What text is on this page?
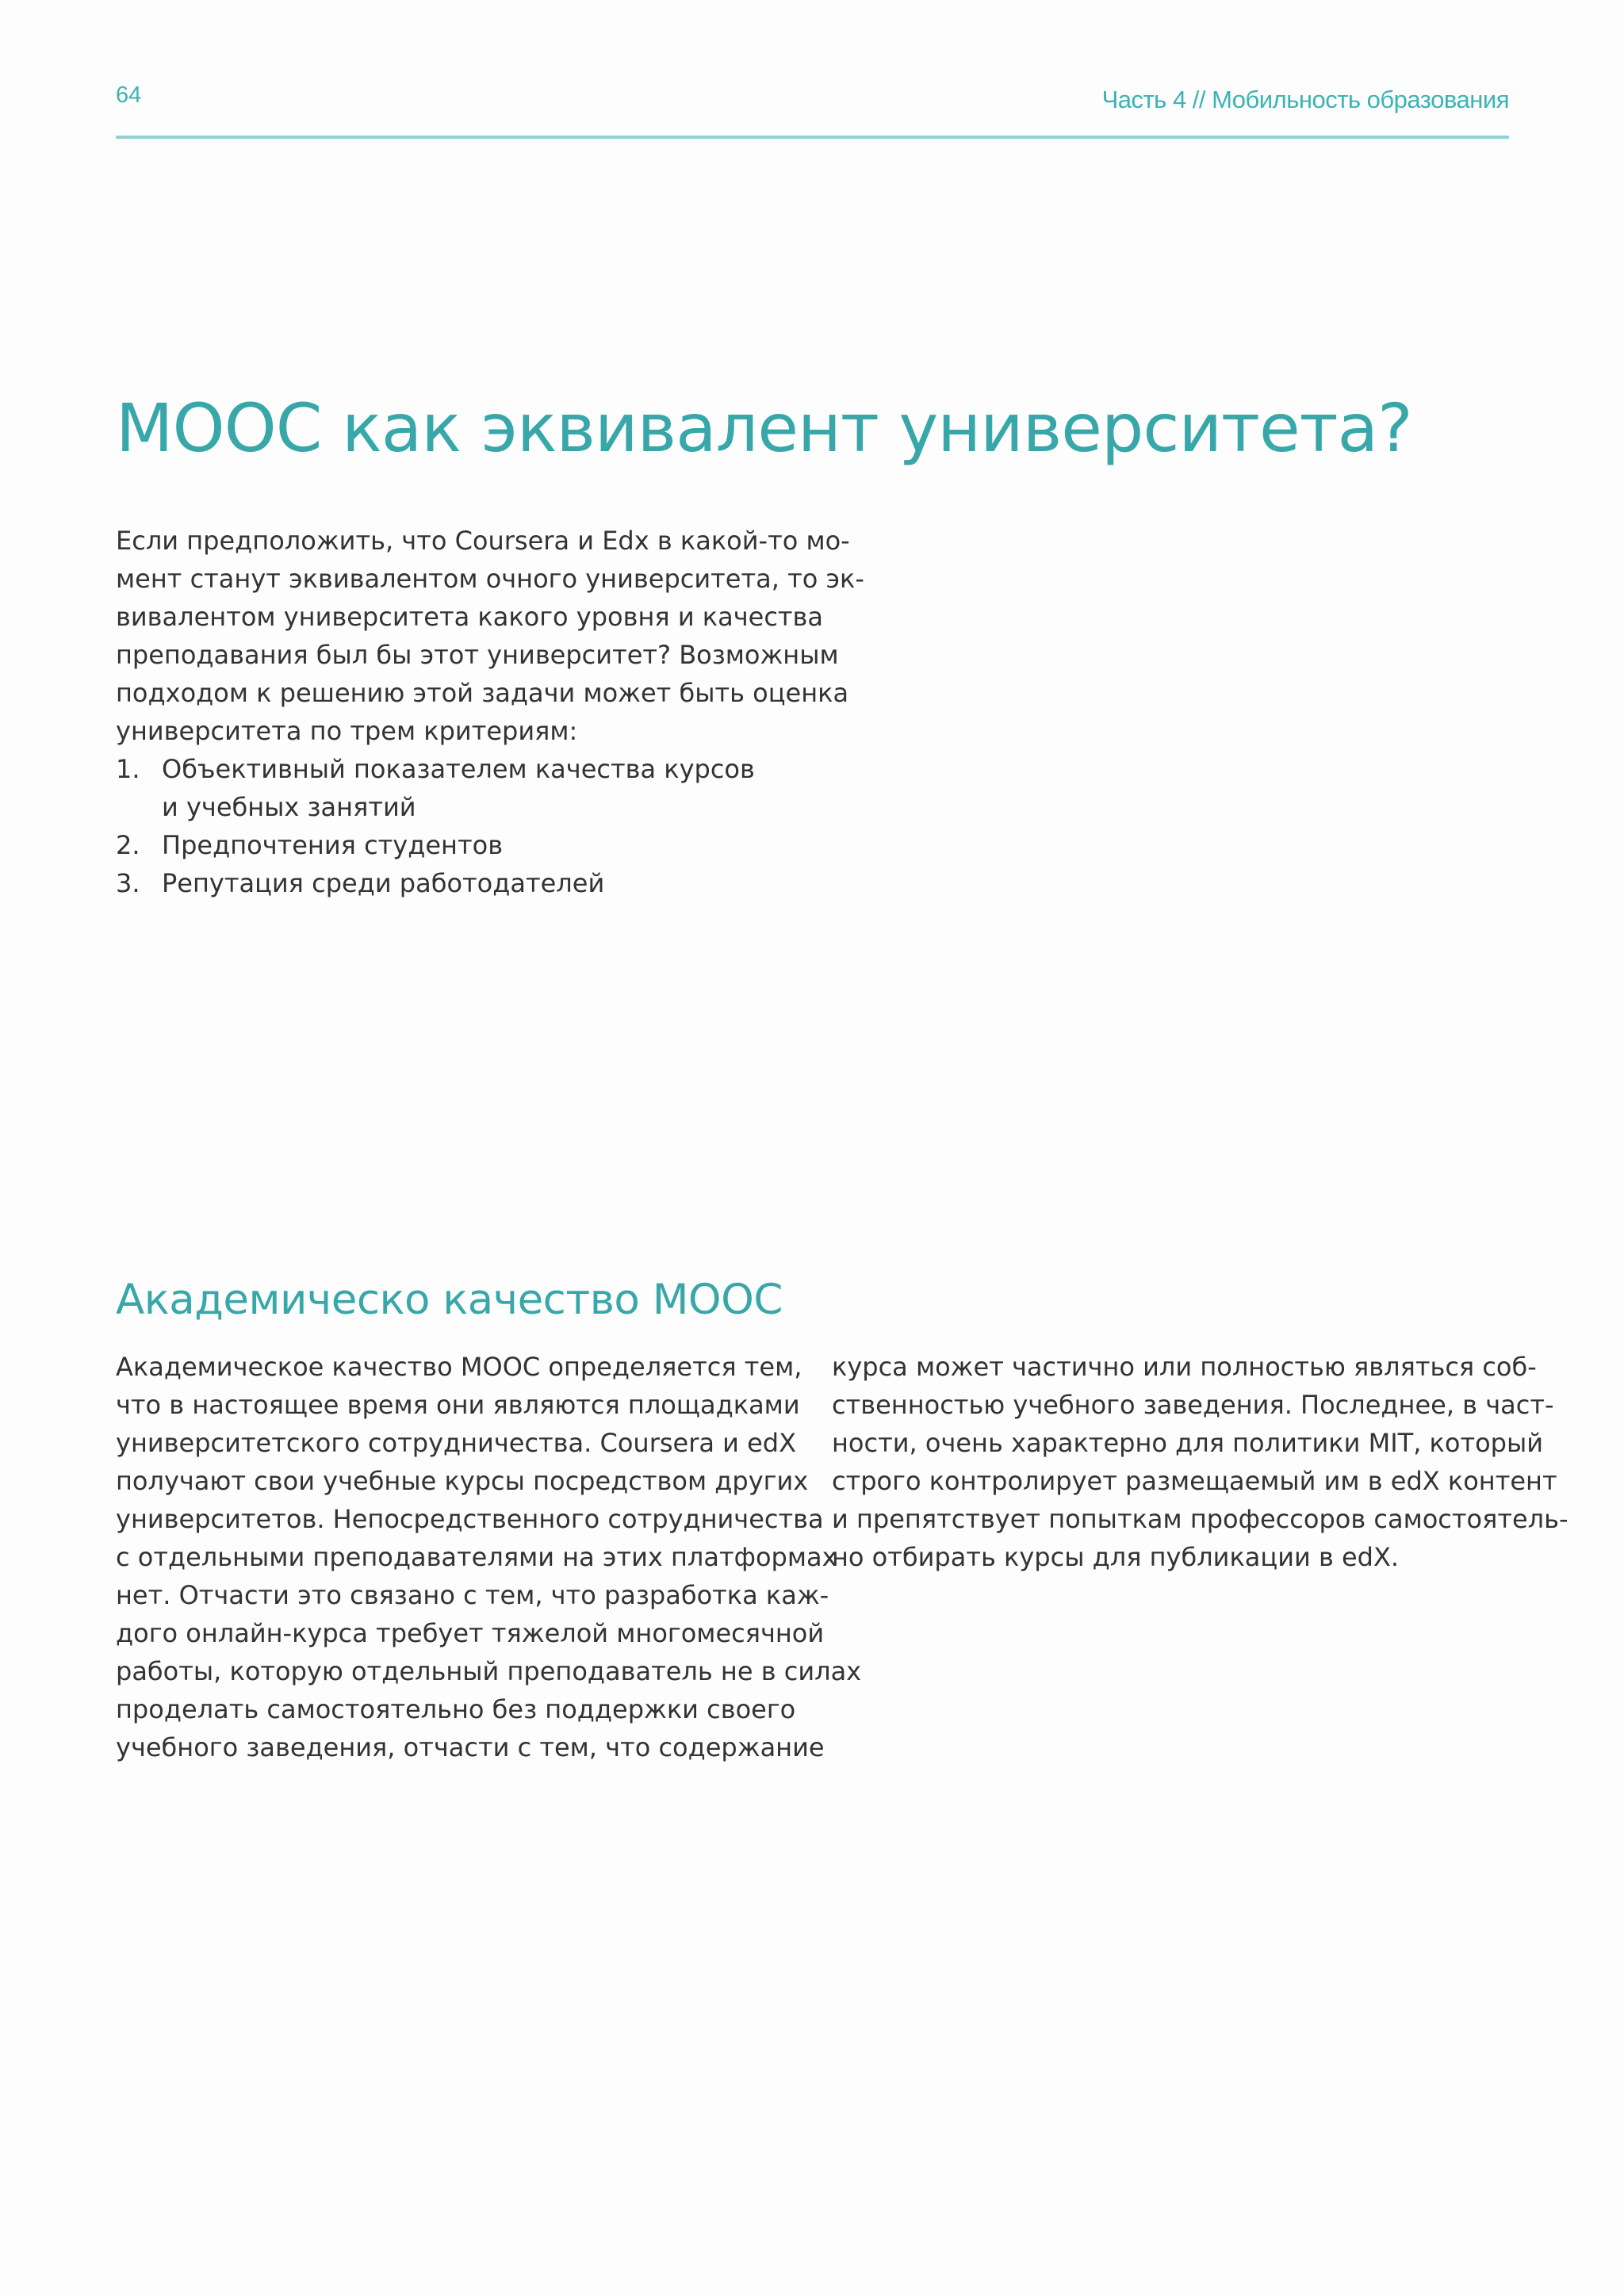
64	Часть 4 // Мобильность образования
МООС как эквивалент университета?

Если предположить, что Coursera и Edx в какой-то мо-

мент станут эквивалентом очного университета, то эк-

вивалентом университета какого уровня и качества

преподавания был бы этот университет? Возможным

подходом к решению этой задачи может быть оценка

университета по трем критериям:

1. Объективный показателем качества курсов
и учебных занятий
2. Предпочтения студентов
3. Репутация среди работодателей
Академическо качество МООС
Академическое качество МООС определяется тем,
что в настоящее время они являются площадками
университетского сотрудничества. Coursera и edX
получают свои учебные курсы посредством других
университетов. Непосредственного сотрудничества
с отдельными преподавателями на этих платформах
нет. Отчасти это связано с тем, что разработка каж-
дого онлайн-курса требует тяжелой многомесячной
работы, которую отдельный преподаватель не в силах
проделать самостоятельно без поддержки своего
учебного заведения, отчасти с тем, что содержание
курса может частично или полностью являться соб-
ственностью учебного заведения. Последнее, в част-
ности, очень характерно для политики MIT, который
строго контролирует размещаемый им в edX контент
и препятствует попыткам профессоров самостоятель-
но отбирать курсы для публикации в edX.
